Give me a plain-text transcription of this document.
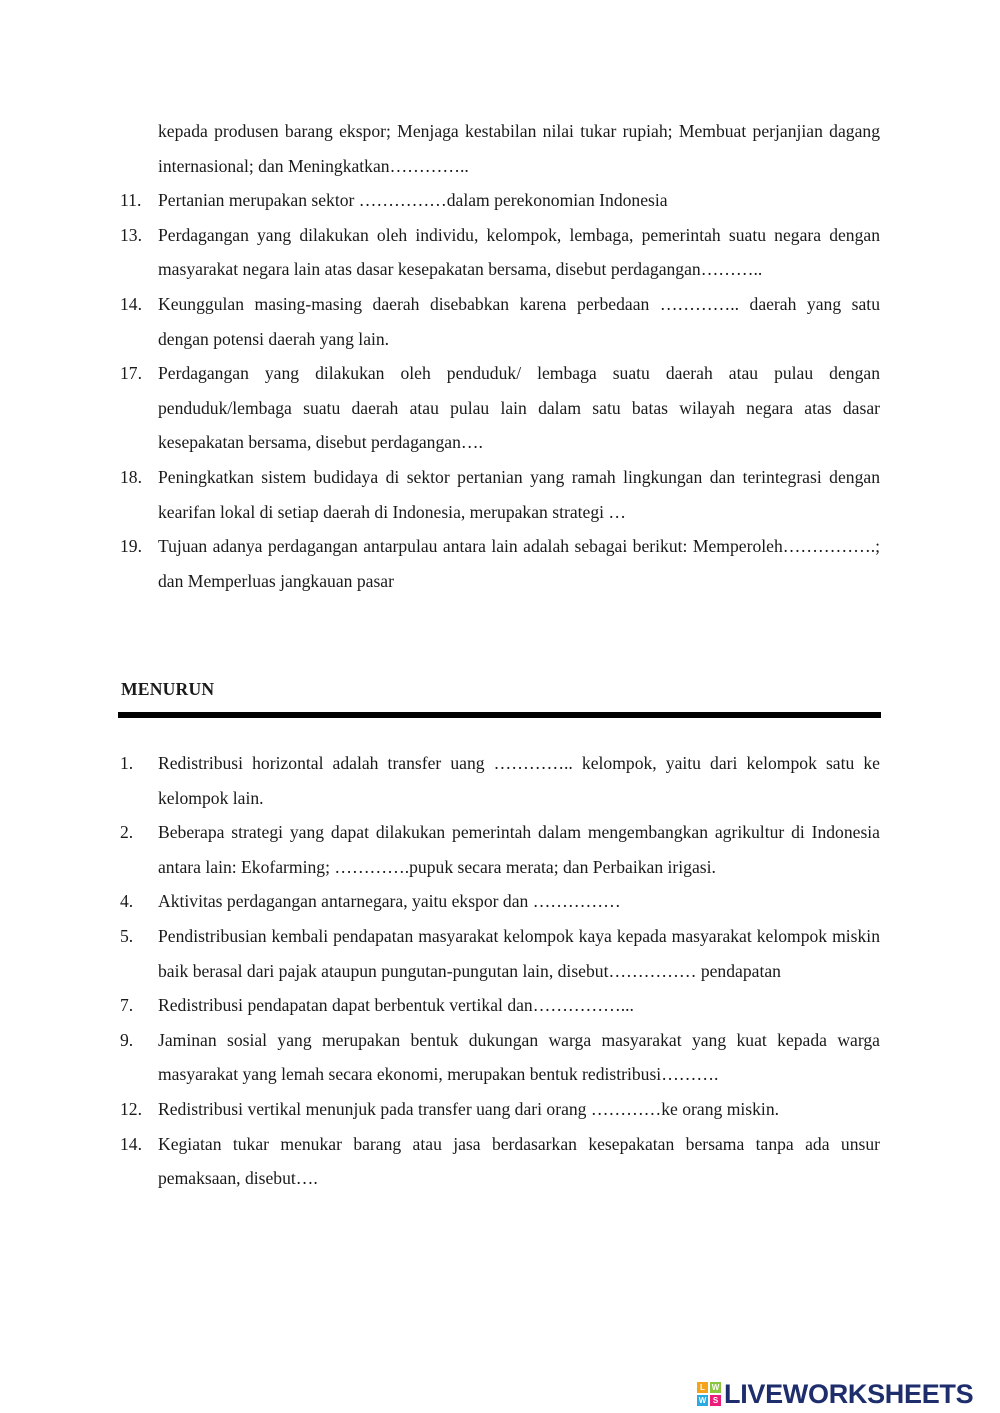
kepada produsen barang ekspor; Menjaga kestabilan nilai tukar rupiah; Membuat perjanjian dagang internasional; dan Meningkatkan…………..
11. Pertanian merupakan sektor ……………dalam perekonomian Indonesia
13. Perdagangan yang dilakukan oleh individu, kelompok, lembaga, pemerintah suatu negara dengan masyarakat negara lain atas dasar kesepakatan bersama, disebut perdagangan………..
14. Keunggulan masing-masing daerah disebabkan karena perbedaan ………….. daerah yang satu dengan potensi daerah yang lain.
17. Perdagangan yang dilakukan oleh penduduk/ lembaga suatu daerah atau pulau dengan penduduk/lembaga suatu daerah atau pulau lain dalam satu batas wilayah negara atas dasar kesepakatan bersama, disebut perdagangan….
18. Peningkatkan sistem budidaya di sektor pertanian yang ramah lingkungan dan terintegrasi dengan kearifan lokal di setiap daerah di Indonesia, merupakan strategi …
19. Tujuan adanya perdagangan antarpulau antara lain adalah sebagai berikut: Memperoleh…………….; dan Memperluas jangkauan pasar
MENURUN
1.	Redistribusi horizontal adalah transfer uang ………….. kelompok, yaitu dari kelompok satu ke kelompok lain.
2.	Beberapa strategi yang dapat dilakukan pemerintah dalam mengembangkan agrikultur di Indonesia antara lain: Ekofarming; ………….pupuk secara merata; dan Perbaikan irigasi.
4.	Aktivitas perdagangan antarnegara, yaitu ekspor dan ……………
5.	Pendistribusian kembali pendapatan masyarakat kelompok kaya kepada masyarakat kelompok miskin baik berasal dari pajak ataupun pungutan-pungutan lain, disebut…………… pendapatan
7.	Redistribusi pendapatan dapat berbentuk vertikal dan……………...
9.	Jaminan sosial yang merupakan bentuk dukungan warga masyarakat yang kuat kepada warga masyarakat yang lemah secara ekonomi, merupakan bentuk redistribusi……….
12. Redistribusi vertikal menunjuk pada transfer uang dari orang …………ke orang miskin.
14. Kegiatan tukar menukar barang atau jasa berdasarkan kesepakatan bersama tanpa ada unsur pemaksaan, disebut….
L W
W S LIVEWORKSHEETS
